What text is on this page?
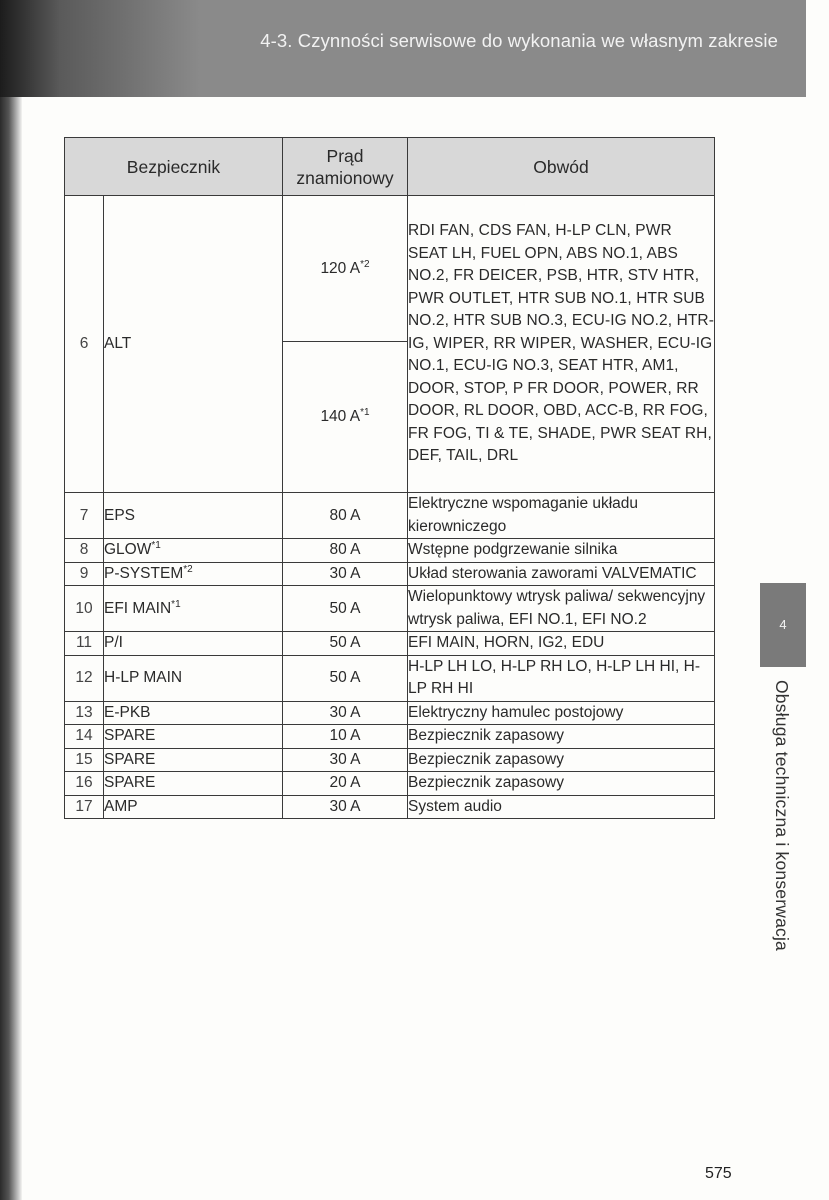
4-3. Czynności serwisowe do wykonania we własnym zakresie
Bezpiecznik		Prąd znamionowy	Obwód
6	ALT	120 $A^{*2}$	RDI FAN, CDS FAN, H-LP CLN, PWR SEAT LH, FUEL OPN, ABS NO.1, ABS NO.2, FR DEICER, PSB, HTR, STV HTR, PWR OUTLET, HTR SUB NO.1, HTR SUB NO.2, HTR SUB NO.3, ECU-IG NO.2, HTR-IG, WIPER, RR WIPER, WASHER, ECU-IG NO.1, ECU-IG NO.3, SEAT HTR, AM1, DOOR, STOP, P FR DOOR, POWER, RR DOOR, RL DOOR, OBD, ACC-B, RR FOG, FR FOG, TI & TE, SHADE, PWR SEAT RH, DEF, TAIL, DRL
		140 $A^{*1}$
7	EPS	80 A	Elektryczne wspomaganie układu kierowniczego
8	GLOW$^{*1}$	80 A	Wstępne podgrzewanie silnika
9	P-SYSTEM$^{*2}$	30 A	Układ sterowania zaworami VALVEMATIC
10	EFI MAIN$^{*1}$	50 A	Wielopunktowy wtrysk paliwa/ sekwencyjny wtrysk paliwa, EFI NO.1, EFI NO.2
11	P/I	50 A	EFI MAIN, HORN, IG2, EDU
12	H-LP MAIN	50 A	H-LP LH LO, H-LP RH LO, H-LP LH HI, H-LP RH HI
13	E-PKB	30 A	Elektryczny hamulec postojowy
14	SPARE	10 A	Bezpiecznik zapasowy
15	SPARE	30 A	Bezpiecznik zapasowy
16	SPARE	20 A	Bezpiecznik zapasowy
17	AMP	30 A	System audio
4
Obsługa techniczna i konserwacja
575
